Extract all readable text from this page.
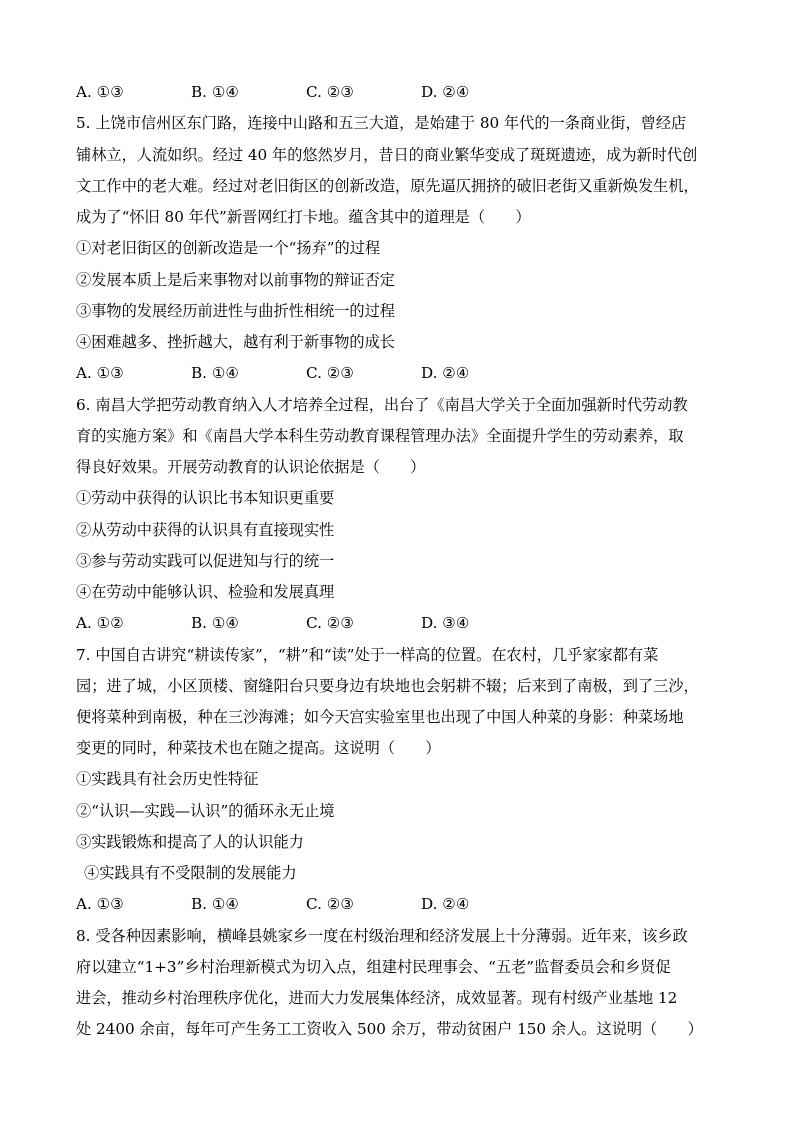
A. ①③	B. ①④	C. ②③	D. ②④
5. 上饶市信州区东门路，连接中山路和五三大道，是始建于 80 年代的一条商业街，曾经店
铺林立，人流如织。经过 40 年的悠然岁月，昔日的商业繁华变成了斑斑遗迹，成为新时代创
文工作中的老大难。经过对老旧街区的创新改造，原先逼仄拥挤的破旧老街又重新焕发生机，
成为了“怀旧 80 年代”新晋网红打卡地。蕴含其中的道理是（　　）
①对老旧街区的创新改造是一个“扬弃”的过程
②发展本质上是后来事物对以前事物的辩证否定
③事物的发展经历前进性与曲折性相统一的过程
④困难越多、挫折越大，越有利于新事物的成长
A. ①③	B. ①④	C. ②③	D. ②④
6. 南昌大学把劳动教育纳入人才培养全过程，出台了《南昌大学关于全面加强新时代劳动教
育的实施方案》和《南昌大学本科生劳动教育课程管理办法》全面提升学生的劳动素养，取
得良好效果。开展劳动教育的认识论依据是（　　）
①劳动中获得的认识比书本知识更重要
②从劳动中获得的认识具有直接现实性
③参与劳动实践可以促进知与行的统一
④在劳动中能够认识、检验和发展真理
A. ①②	B. ①④	C. ②③	D. ③④
7. 中国自古讲究“耕读传家”，“耕”和“读”处于一样高的位置。在农村，几乎家家都有菜
园；进了城，小区顶楼、窗缝阳台只要身边有块地也会躬耕不辍；后来到了南极，到了三沙，
便将菜种到南极，种在三沙海滩；如今天宫实验室里也出现了中国人种菜的身影：种菜场地
变更的同时，种菜技术也在随之提高。这说明（　　）
①实践具有社会历史性特征
②“认识—实践—认识”的循环永无止境
③实践锻炼和提高了人的认识能力
④实践具有不受限制的发展能力
A. ①③	B. ①④	C. ②③	D. ②④
8. 受各种因素影响，横峰县姚家乡一度在村级治理和经济发展上十分薄弱。近年来，该乡政
府以建立“1+3”乡村治理新模式为切入点，组建村民理事会、“五老”监督委员会和乡贤促
进会，推动乡村治理秩序优化，进而大力发展集体经济，成效显著。现有村级产业基地 12
处 2400 余亩，每年可产生务工工资收入 500 余万，带动贫困户 150 余人。这说明（　　）
